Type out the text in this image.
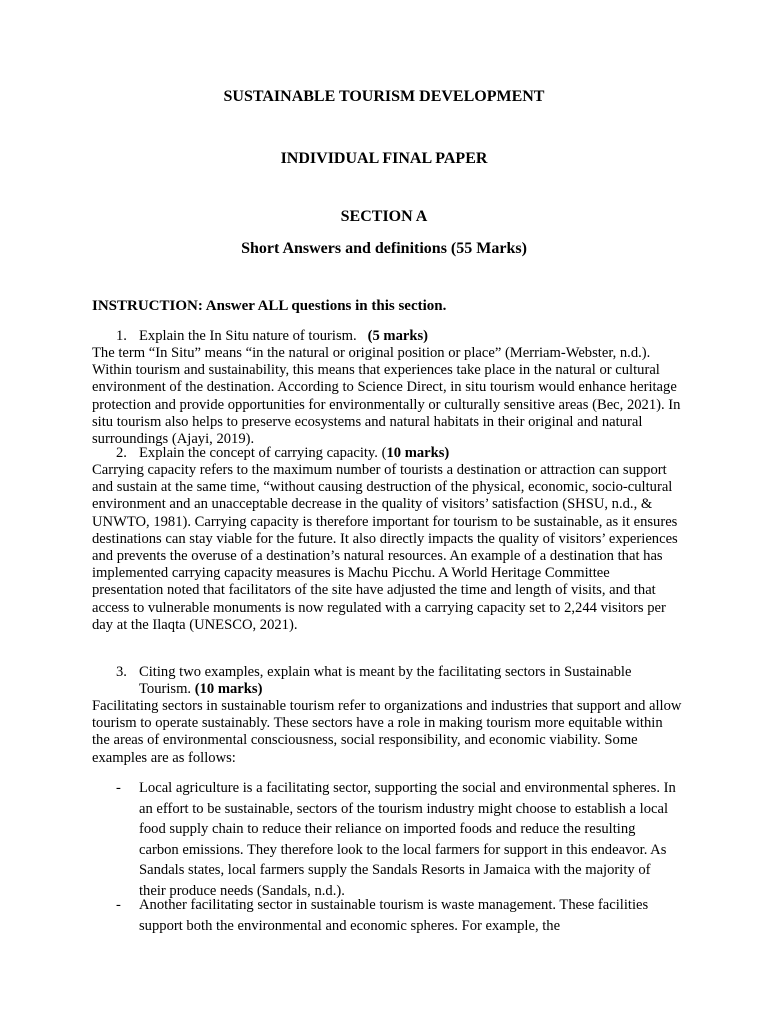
SUSTAINABLE TOURISM DEVELOPMENT

INDIVIDUAL FINAL PAPER

SECTION A

Short Answers and definitions (55 Marks)

INSTRUCTION: Answer ALL questions in this section.

1. Explain the In Situ nature of tourism. (5 marks)

The term “In Situ” means “in the natural or original position or place” (Merriam-Webster, n.d.). Within tourism and sustainability, this means that experiences take place in the natural or cultural environment of the destination. According to Science Direct, in situ tourism would enhance heritage protection and provide opportunities for environmentally or culturally sensitive areas (Bec, 2021). In situ tourism also helps to preserve ecosystems and natural habitats in their original and natural surroundings (Ajayi, 2019).

2. Explain the concept of carrying capacity. (10 marks)

Carrying capacity refers to the maximum number of tourists a destination or attraction can support and sustain at the same time, “without causing destruction of the physical, economic, socio-cultural environment and an unacceptable decrease in the quality of visitors’ satisfaction (SHSU, n.d., & UNWTO, 1981). Carrying capacity is therefore important for tourism to be sustainable, as it ensures destinations can stay viable for the future. It also directly impacts the quality of visitors’ experiences and prevents the overuse of a destination’s natural resources. An example of a destination that has implemented carrying capacity measures is Machu Picchu. A World Heritage Committee presentation noted that facilitators of the site have adjusted the time and length of visits, and that access to vulnerable monuments is now regulated with a carrying capacity set to 2,244 visitors per day at the Ilaqta (UNESCO, 2021).

3. Citing two examples, explain what is meant by the facilitating sectors in Sustainable Tourism. (10 marks)

Facilitating sectors in sustainable tourism refer to organizations and industries that support and allow tourism to operate sustainably. These sectors have a role in making tourism more equitable within the areas of environmental consciousness, social responsibility, and economic viability. Some examples are as follows:

-	Local agriculture is a facilitating sector, supporting the social and environmental spheres. In an effort to be sustainable, sectors of the tourism industry might choose to establish a local food supply chain to reduce their reliance on imported foods and reduce the resulting carbon emissions. They therefore look to the local farmers for support in this endeavor. As Sandals states, local farmers supply the Sandals Resorts in Jamaica with the majority of their produce needs (Sandals, n.d.).
-	Another facilitating sector in sustainable tourism is waste management. These facilities support both the environmental and economic spheres. For example, the
